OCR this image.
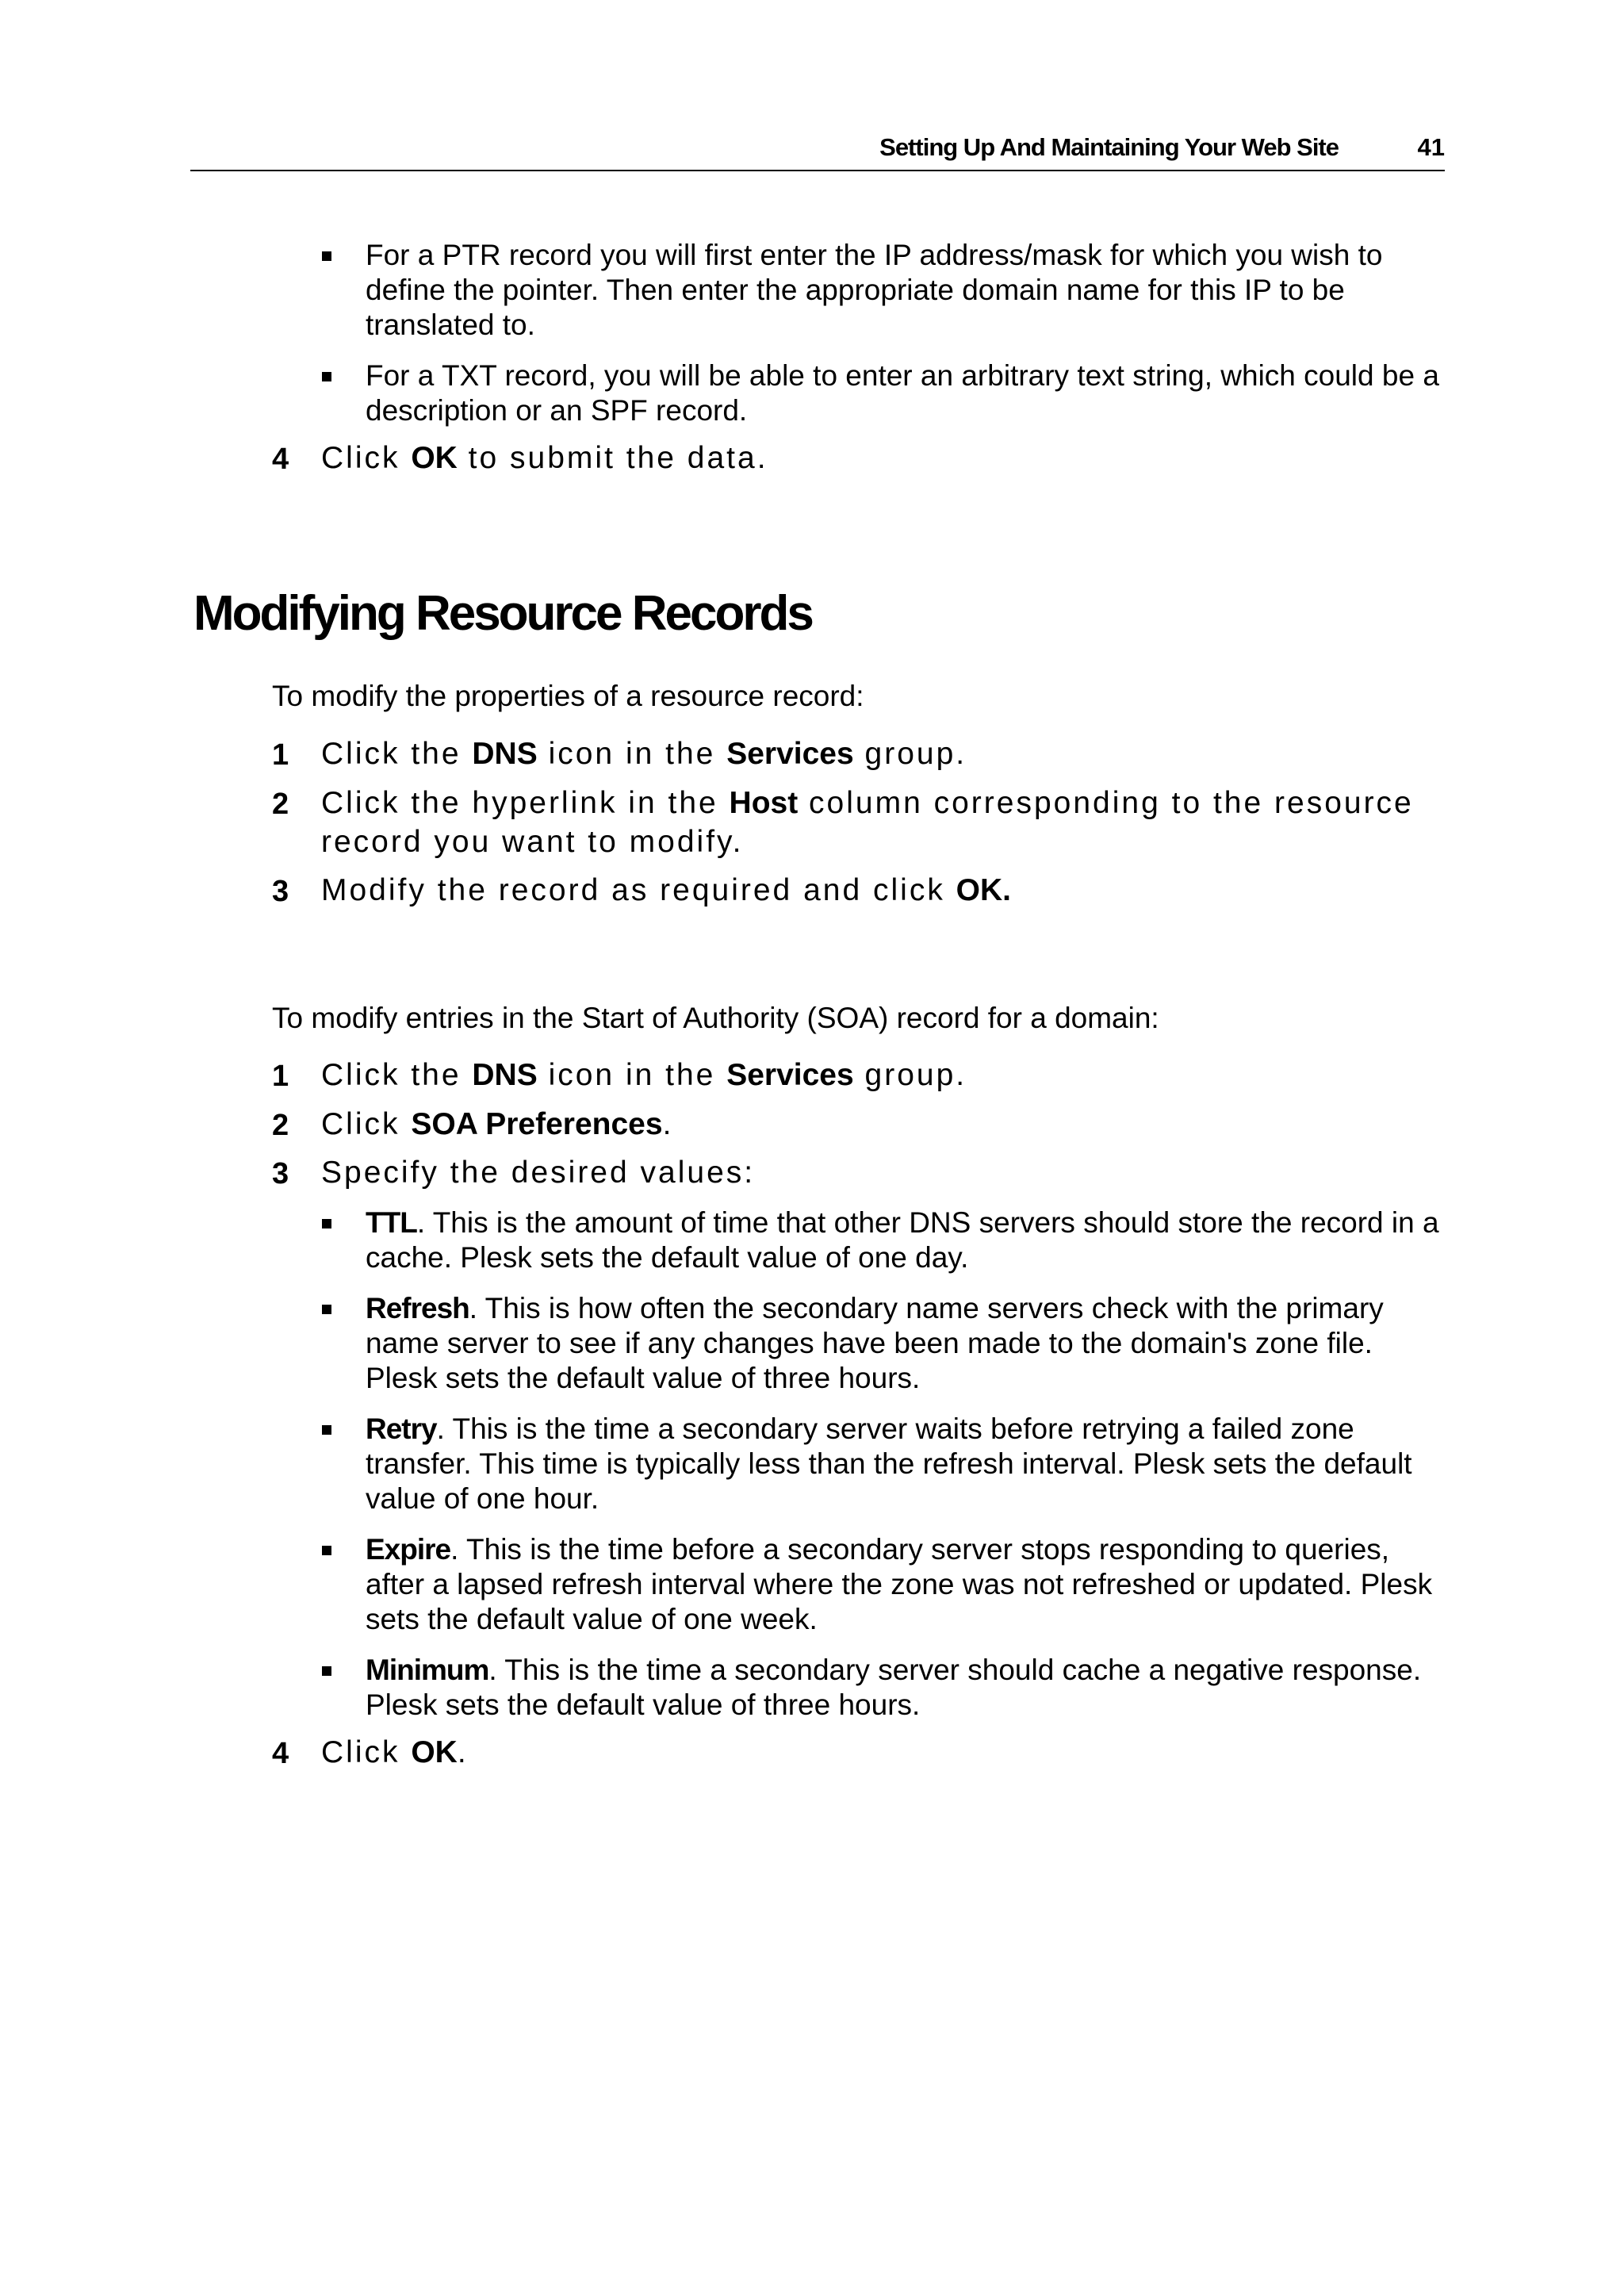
Setting Up And Maintaining Your Web Site	41
For a PTR record you will first enter the IP address/mask for which you wish to define the pointer. Then enter the appropriate domain name for this IP to be translated to.
For a TXT record, you will be able to enter an arbitrary text string, which could be a description or an SPF record.
4 Click OK to submit the data.
Modifying Resource Records
To modify the properties of a resource record:
1 Click the DNS icon in the Services group.
2 Click the hyperlink in the Host column corresponding to the resource record you want to modify.
3 Modify the record as required and click OK.
To modify entries in the Start of Authority (SOA) record for a domain:
1 Click the DNS icon in the Services group.
2 Click SOA Preferences.
3 Specify the desired values:
TTL. This is the amount of time that other DNS servers should store the record in a cache. Plesk sets the default value of one day.
Refresh. This is how often the secondary name servers check with the primary name server to see if any changes have been made to the domain's zone file. Plesk sets the default value of three hours.
Retry. This is the time a secondary server waits before retrying a failed zone transfer. This time is typically less than the refresh interval. Plesk sets the default value of one hour.
Expire. This is the time before a secondary server stops responding to queries, after a lapsed refresh interval where the zone was not refreshed or updated. Plesk sets the default value of one week.
Minimum. This is the time a secondary server should cache a negative response. Plesk sets the default value of three hours.
4 Click OK.
